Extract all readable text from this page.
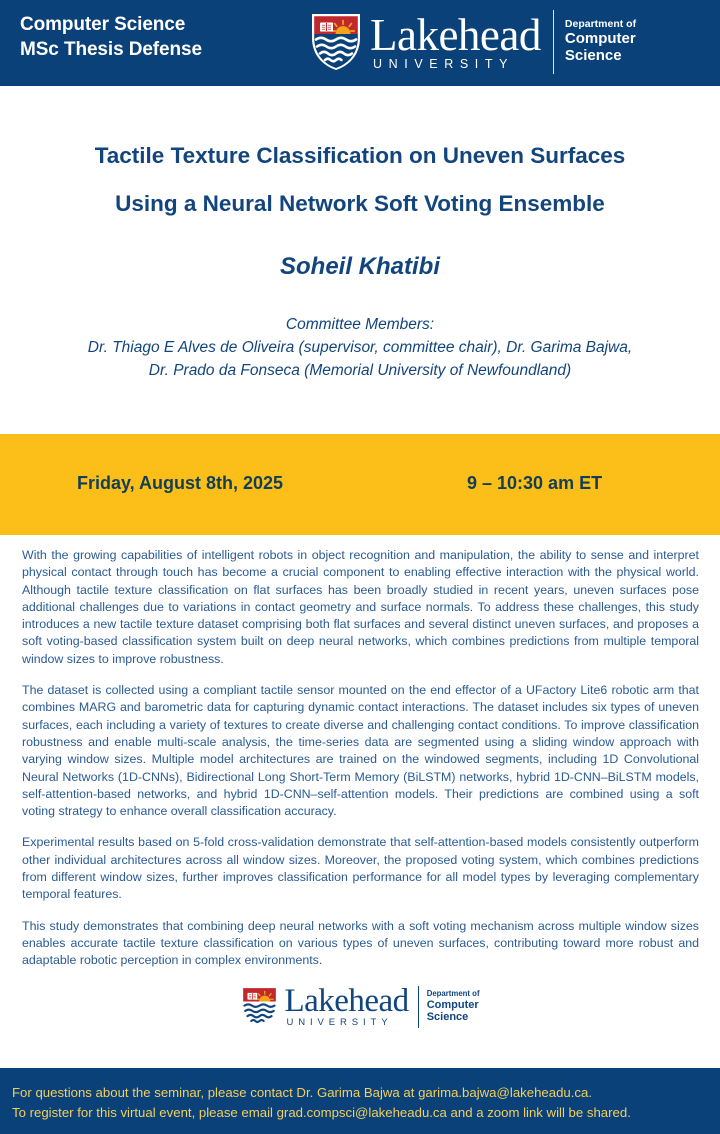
Computer Science
MSc Thesis Defense	Lakehead
UNIVERSITY
Department of
Computer
Science
Tactile Texture Classification on Uneven Surfaces
Using a Neural Network Soft Voting Ensemble
Soheil Khatibi
Committee Members:
Dr. Thiago E Alves de Oliveira (supervisor, committee chair), Dr. Garima Bajwa,
Dr. Prado da Fonseca (Memorial University of Newfoundland)
Friday, August 8th, 2025	9 – 10:30 am ET

With the growing capabilities of intelligent robots in object recognition and manipulation, the ability to sense and interpret physical contact through touch has become a crucial component to enabling effective interaction with the physical world. Although tactile texture classification on flat surfaces has been broadly studied in recent years, uneven surfaces pose additional challenges due to variations in contact geometry and surface normals. To address these challenges, this study introduces a new tactile texture dataset comprising both flat surfaces and several distinct uneven surfaces, and proposes a soft voting-based classification system built on deep neural networks, which combines predictions from multiple temporal window sizes to improve robustness.

The dataset is collected using a compliant tactile sensor mounted on the end effector of a UFactory Lite6 robotic arm that combines MARG and barometric data for capturing dynamic contact interactions. The dataset includes six types of uneven surfaces, each including a variety of textures to create diverse and challenging contact conditions. To improve classification robustness and enable multi-scale analysis, the time-series data are segmented using a sliding window approach with varying window sizes. Multiple model architectures are trained on the windowed segments, including 1D Convolutional Neural Networks (1D-CNNs), Bidirectional Long Short-Term Memory (BiLSTM) networks, hybrid 1D-CNN–BiLSTM models, self-attention-based networks, and hybrid 1D-CNN–self-attention models. Their predictions are combined using a soft voting strategy to enhance overall classification accuracy.

Experimental results based on 5-fold cross-validation demonstrate that self-attention-based models consistently outperform other individual architectures across all window sizes. Moreover, the proposed voting system, which combines predictions from different window sizes, further improves classification performance for all model types by leveraging complementary temporal features.

This study demonstrates that combining deep neural networks with a soft voting mechanism across multiple window sizes enables accurate tactile texture classification on various types of uneven surfaces, contributing toward more robust and adaptable robotic perception in complex environments.

Lakehead
UNIVERSITY
Department of
Computer
Science
For questions about the seminar, please contact Dr. Garima Bajwa at garima.bajwa@lakeheadu.ca.
To register for this virtual event, please email grad.compsci@lakeheadu.ca and a zoom link will be shared.
